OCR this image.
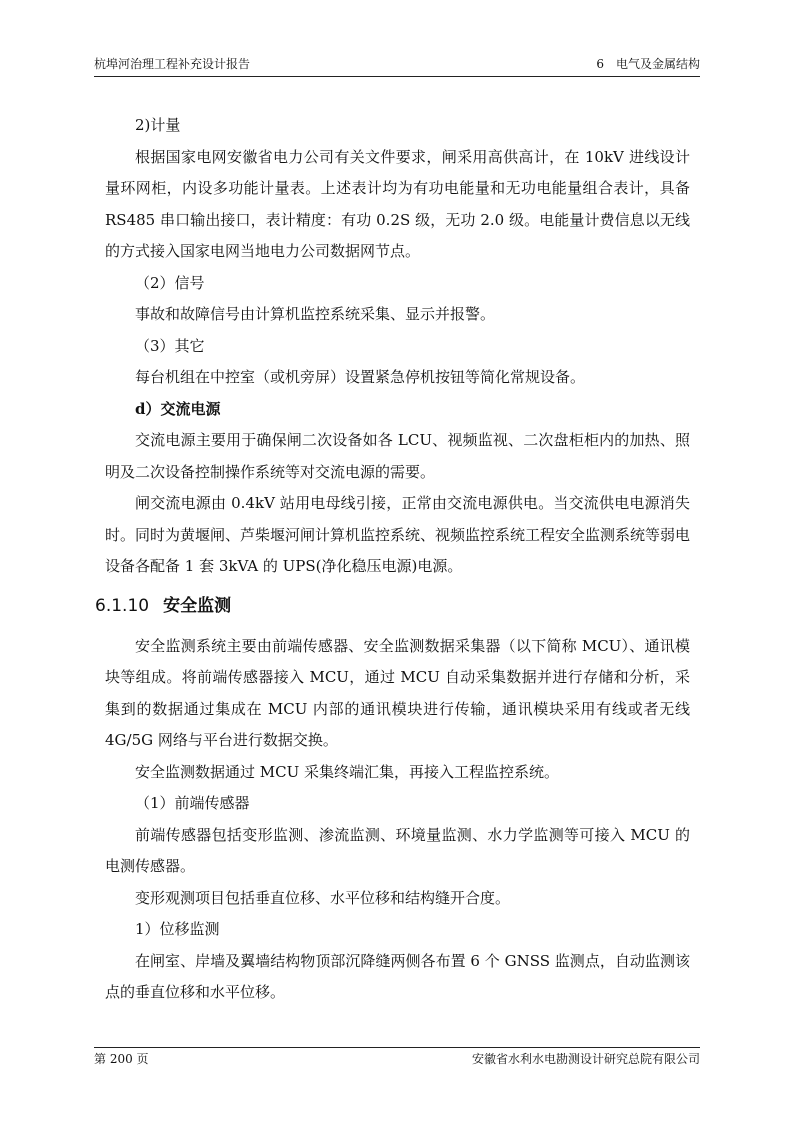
杭埠河治理工程补充设计报告	6　电气及金属结构

2)计量

根据国家电网安徽省电力公司有关文件要求，闸采用高供高计，在 10kV 进线设计量环网柜，内设多功能计量表。上述表计均为有功电能量和无功电能量组合表计，具备 RS485 串口输出接口，表计精度：有功 0.2S 级，无功 2.0 级。电能量计费信息以无线的方式接入国家电网当地电力公司数据网节点。

（2）信号

事故和故障信号由计算机监控系统采集、显示并报警。

（3）其它

每台机组在中控室（或机旁屏）设置紧急停机按钮等简化常规设备。

d）交流电源

交流电源主要用于确保闸二次设备如各 LCU、视频监视、二次盘柜柜内的加热、照明及二次设备控制操作系统等对交流电源的需要。

闸交流电源由 0.4kV 站用电母线引接，正常由交流电源供电。当交流供电电源消失时。同时为黄堰闸、芦柴堰河闸计算机监控系统、视频监控系统工程安全监测系统等弱电设备各配备 1 套 3kVA 的 UPS(净化稳压电源)电源。

6.1.10 安全监测

安全监测系统主要由前端传感器、安全监测数据采集器（以下简称 MCU）、通讯模块等组成。将前端传感器接入 MCU，通过 MCU 自动采集数据并进行存储和分析，采集到的数据通过集成在 MCU 内部的通讯模块进行传输，通讯模块采用有线或者无线 4G/5G 网络与平台进行数据交换。

安全监测数据通过 MCU 采集终端汇集，再接入工程监控系统。

（1）前端传感器

前端传感器包括变形监测、渗流监测、环境量监测、水力学监测等可接入 MCU 的电测传感器。

变形观测项目包括垂直位移、水平位移和结构缝开合度。

1）位移监测

在闸室、岸墙及翼墙结构物顶部沉降缝两侧各布置 6 个 GNSS 监测点，自动监测该点的垂直位移和水平位移。

第 200 页	安徽省水利水电勘测设计研究总院有限公司
